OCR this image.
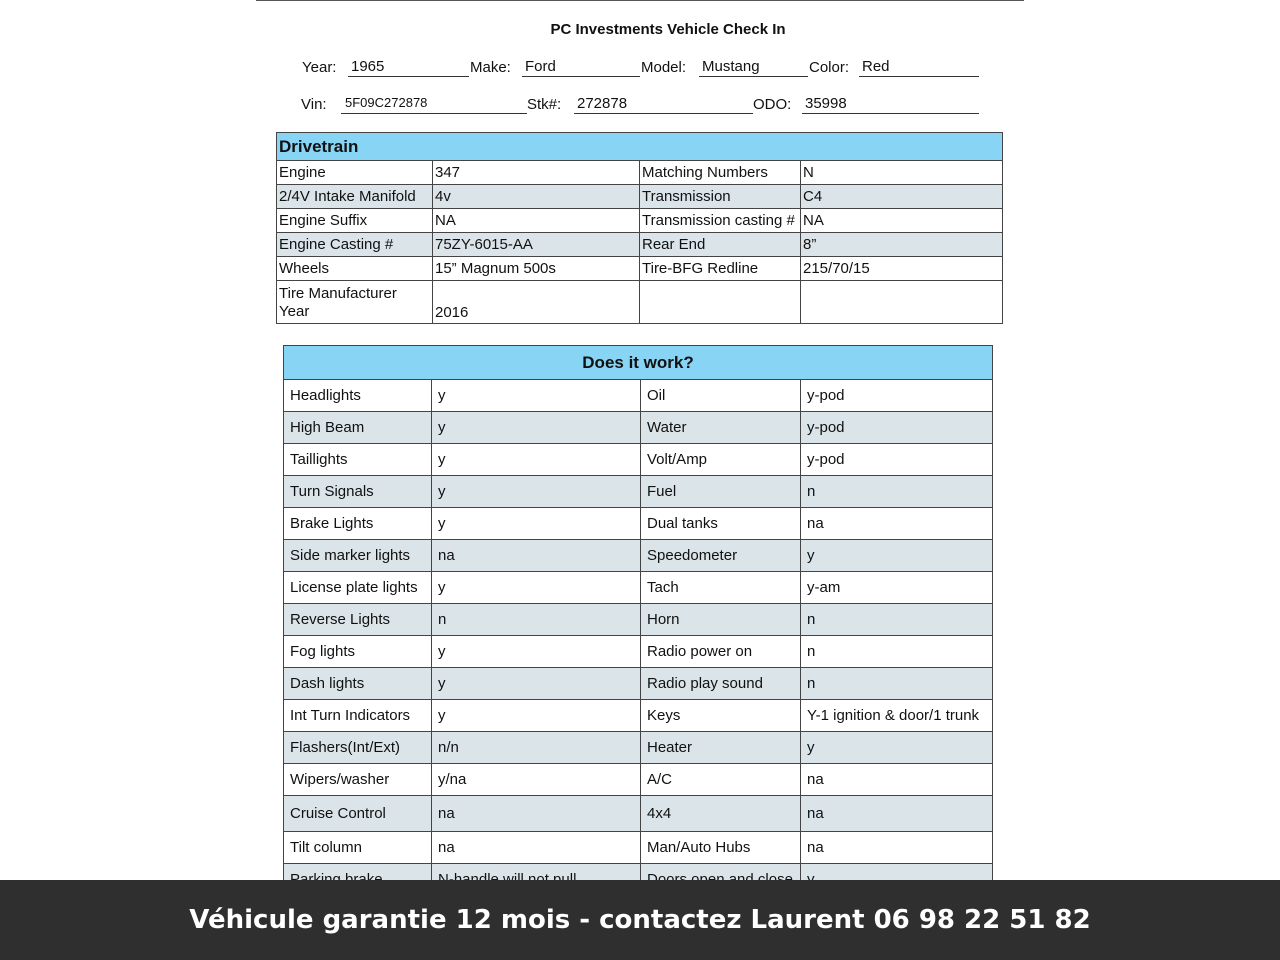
PC Investments Vehicle Check In
Year: 1965	Make: Ford	Model: Mustang	Color: Red
Vin:	5F09C272878	Stk#: 272878	ODO: 35998
Drivetrain			
Engine	347	Matching Numbers	N
2/4V Intake Manifold	4v	Transmission	C4
Engine Suffix	NA	Transmission casting #	NA
Engine Casting #	75ZY-6015-AA	Rear End	8”
Wheels	15” Magnum 500s	Tire-BFG Redline	215/70/15
Tire Manufacturer
Year	2016		
Does it work?			
Headlights	y	Oil	y-pod
High Beam	y	Water	y-pod
Taillights	y	Volt/Amp	y-pod
Turn Signals	y	Fuel	n
Brake Lights	y	Dual tanks	na
Side marker lights	na	Speedometer	y
License plate lights	y	Tach	y-am
Reverse Lights	n	Horn	n
Fog lights	y	Radio power on	n
Dash lights	y	Radio play sound	n
Int Turn Indicators	y	Keys	Y-1 ignition & door/1 trunk
Flashers(Int/Ext)	n/n	Heater	y
Wipers/washer	y/na	A/C	na
Cruise Control	na	4x4	na
Tilt column	na	Man/Auto Hubs	na

Véhicule garantie 12 mois - contactez Laurent 06 98 22 51 82
